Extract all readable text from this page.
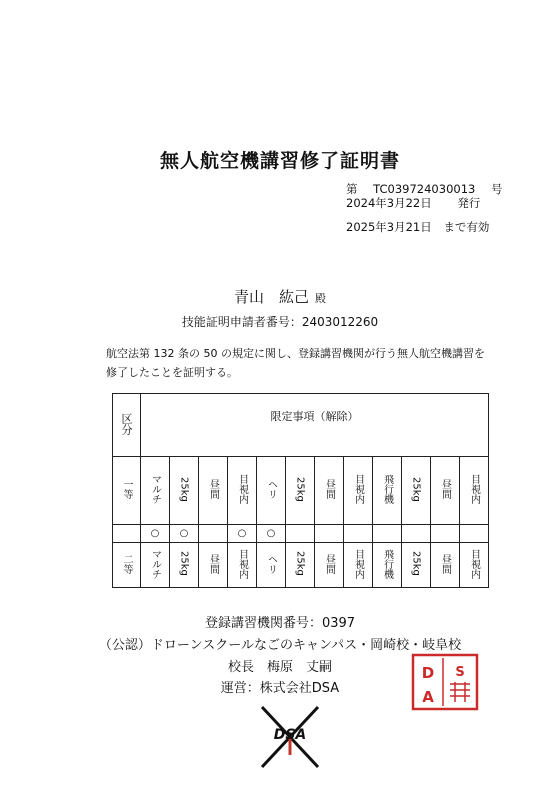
無人航空機講習修了証明書
第 TC039724030013 号
2024年3月22日 発行
2025年3月21日 まで有効
青山　紘己 殿
技能証明申請者番号：2403012260
航空法第 132 条の 50 の規定に関し、登録講習機関が行う無人航空機講習を
修了したことを証明する。
区分	限定事項（解除）											

一等	マルチ	25kg	昼間	目視内	ヘリ	25kg	昼間	目視内	飛行機	25kg	昼間	目視内
	○	○		○	○							
二等	マルチ	25kg	昼間	目視内	ヘリ	25kg	昼間	目視内	飛行機	25kg	昼間	目視内
登録講習機関番号：0397
（公認）ドローンスクールなごのキャンパス・岡崎校・岐阜校
校長　梅原　丈嗣
運営：株式会社DSA
D
A
S
DSA
